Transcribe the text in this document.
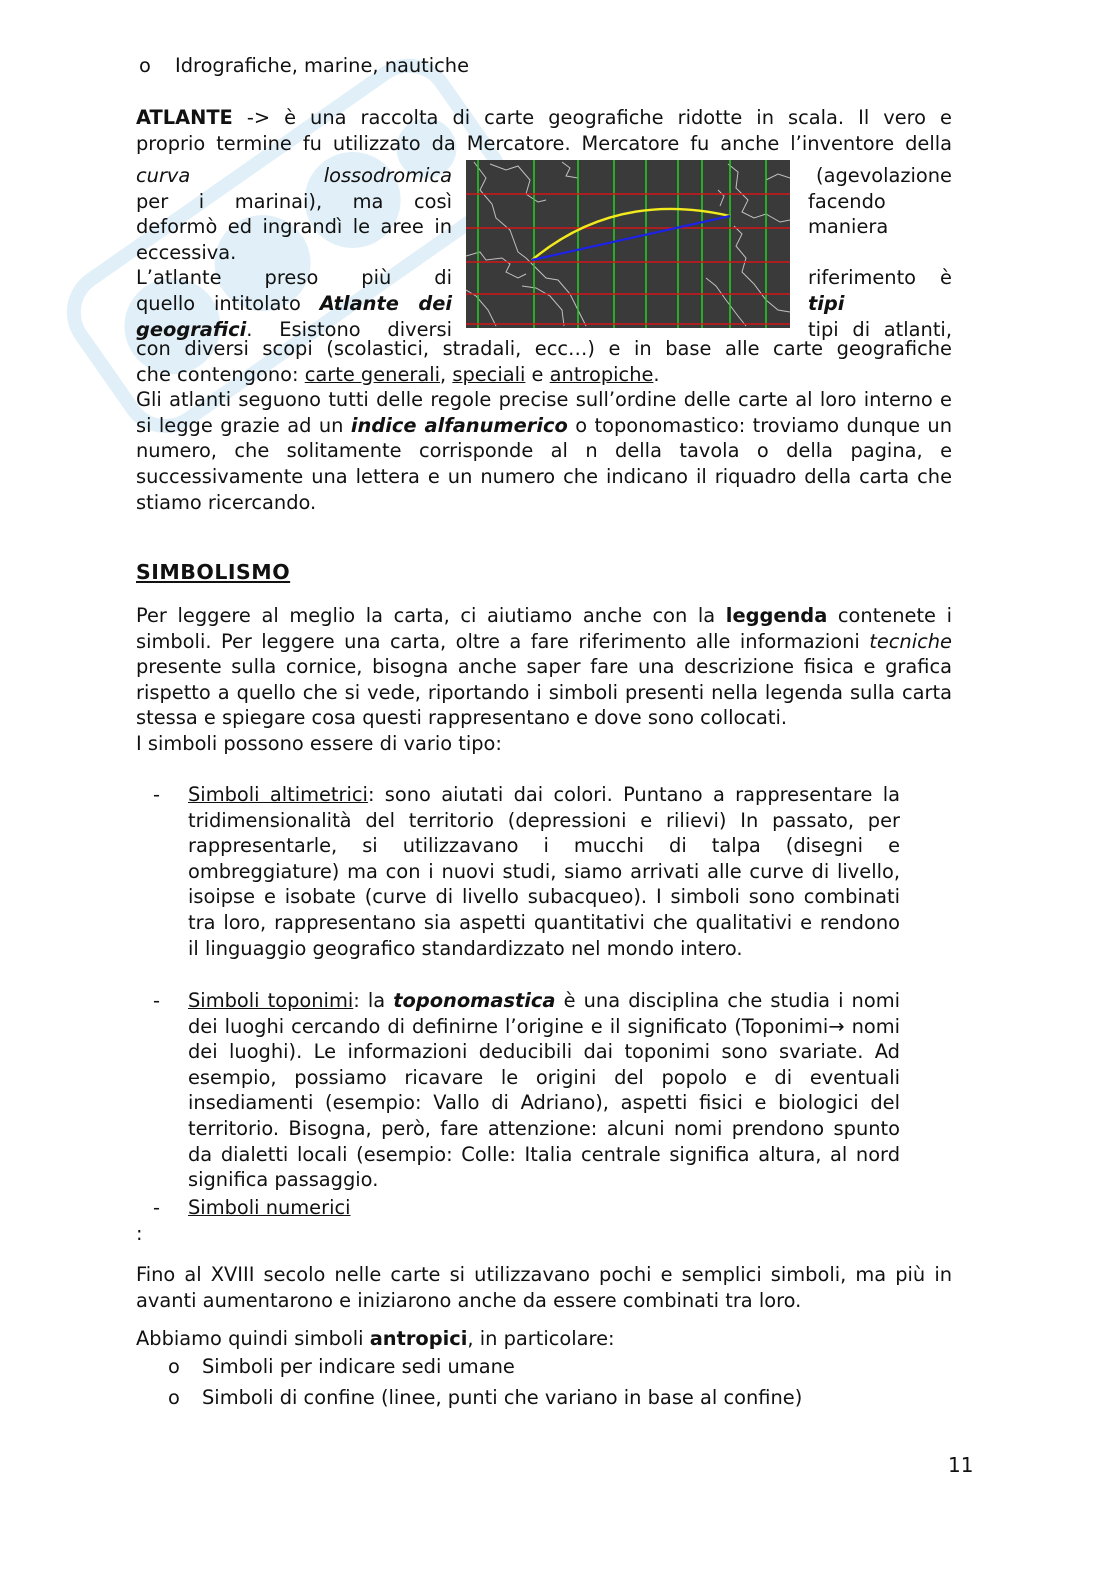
o Idrografiche, marine, nautiche
ATLANTE -> è una raccolta di carte geografiche ridotte in scala. Il vero e
proprio termine fu utilizzato da Mercatore. Mercatore fu anche l’inventore della

curva	lossodromica

per i marinai), ma così

deformò ed ingrandì le aree in

eccessiva.

L’atlante preso più di

quello intitolato Atlante dei

geografici. Esistono diversi

(agevolazione

facendo

maniera

riferimento è

tipi

tipi di atlanti,

con diversi scopi (scolastici, stradali, ecc…) e in base alle carte geografiche

che contengono: carte generali, speciali e antropiche.

Gli atlanti seguono tutti delle regole precise sull’ordine delle carte al loro interno e si legge grazie ad un indice alfanumerico o toponomastico: troviamo dunque un numero, che solitamente corrisponde al n della tavola o della pagina, e successivamente una lettera e un numero che indicano il riquadro della carta che stiamo ricercando.

SIMBOLISMO

Per leggere al meglio la carta, ci aiutiamo anche con la leggenda contenete i simboli. Per leggere una carta, oltre a fare riferimento alle informazioni tecniche presente sulla cornice, bisogna anche saper fare una descrizione fisica e grafica rispetto a quello che si vede, riportando i simboli presenti nella legenda sulla carta stessa e spiegare cosa questi rappresentano e dove sono collocati.

I simboli possono essere di vario tipo:

- Simboli altimetrici: sono aiutati dai colori. Puntano a rappresentare la tridimensionalità del territorio (depressioni e rilievi) In passato, per rappresentarle, si utilizzavano i mucchi di talpa (disegni e ombreggiature) ma con i nuovi studi, siamo arrivati alle curve di livello, isoipse e isobate (curve di livello subacqueo). I simboli sono combinati tra loro, rappresentano sia aspetti quantitativi che qualitativi e rendono il linguaggio geografico standardizzato nel mondo intero.
- Simboli toponimi: la toponomastica è una disciplina che studia i nomi dei luoghi cercando di definirne l’origine e il significato (Toponimi→ nomi dei luoghi). Le informazioni deducibili dai toponimi sono svariate. Ad esempio, possiamo ricavare le origini del popolo e di eventuali insediamenti (esempio: Vallo di Adriano), aspetti fisici e biologici del territorio. Bisogna, però, fare attenzione: alcuni nomi prendono spunto da dialetti locali (esempio: Colle: Italia centrale significa altura, al nord significa passaggio.
- Simboli numerici
:
Fino al XVIII secolo nelle carte si utilizzavano pochi e semplici simboli, ma più in avanti aumentarono e iniziarono anche da essere combinati tra loro.
Abbiamo quindi simboli antropici, in particolare:
o Simboli per indicare sedi umane
o Simboli di confine (linee, punti che variano in base al confine)
11
